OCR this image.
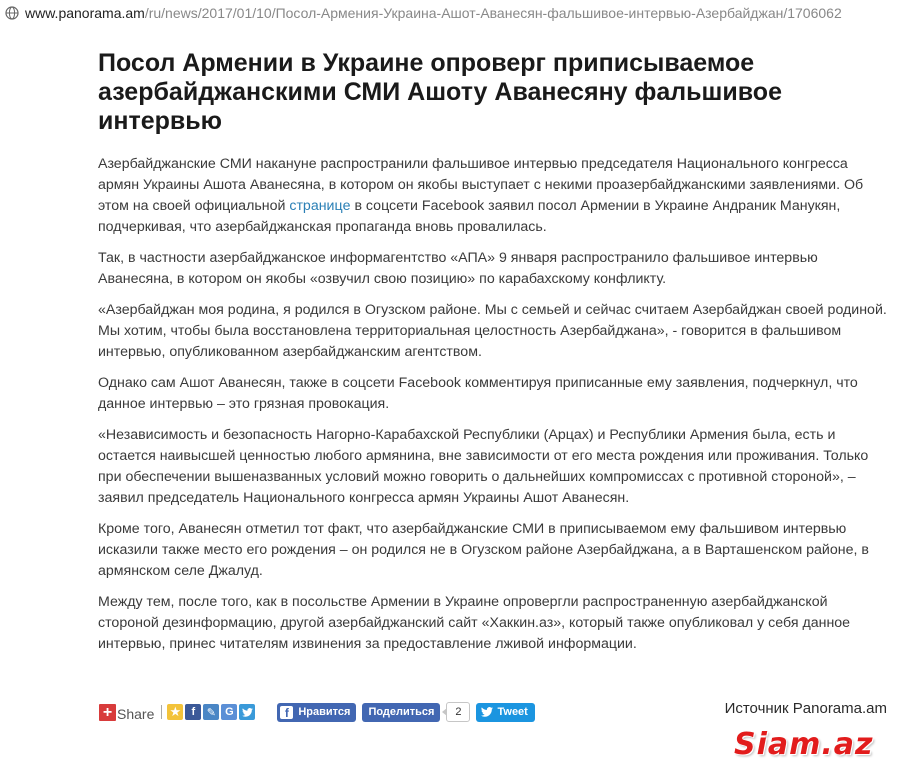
www.panorama.am/ru/news/2017/01/10/Посол-Армения-Украина-Ашот-Аванесян-фальшивое-интервью-Азербайджан/1706062
Посол Армении в Украине опроверг приписываемое азербайджанскими СМИ Ашоту Аванесяну фальшивое интервью

Азербайджанские СМИ накануне распространили фальшивое интервью председателя Национального конгресса армян Украины Ашота Аванесяна, в котором он якобы выступает с некими проазербайджанскими заявлениями. Об этом на своей официальной страницe в соцсети Facebook заявил посол Армении в Украине Андраник Манукян, подчеркивая, что азербайджанская пропаганда вновь провалилась.

Так, в частности азербайджанское информагентство «АПА» 9 января распространило фальшивое интервью Аванесяна, в котором он якобы «озвучил свою позицию» по карабахскому конфликту.

«Азербайджан моя родина, я родился в Огузском районе. Мы с семьей и сейчас считаем Азербайджан своей родиной. Мы хотим, чтобы была восстановлена территориальная целостность Азербайджана», - говорится в фальшивом интервью, опубликованном азербайджанским агентством.

Однако сам Ашот Аванесян, также в соцсети Facebook комментируя приписанные ему заявления, подчеркнул, что данное интервью – это грязная провокация.

«Независимость и безопасность Нагорно-Карабахской Республики (Арцах) и Республики Армения была, есть и остается наивысшей ценностью любого армянина, вне зависимости от его места рождения или проживания. Только при обеспечении вышеназванных условий можно говорить о дальнейших компромиссах с противной стороной», – заявил председатель Национального конгресса армян Украины Ашот Аванесян.

Кроме того, Аванесян отметил тот факт, что азербайджанские СМИ в приписываемом ему фальшивом интервью исказили также место его рождения – он родился не в Огузском районе Азербайджана, а в Варташенском районе, в армянском селе Джалуд.

Между тем, после того, как в посольстве Армении в Украине опровергли распространенную азербайджанской стороной дезинформацию, другой азербайджанский сайт «Хаккин.аз», который также опубликовал у себя данное интервью, принес читателям извинения за предоставление лживой информации.

+ Share ★ f	✎ G	f Нравится	Поделиться	2	Tweet	Источник Panorama.am
Siam.az
